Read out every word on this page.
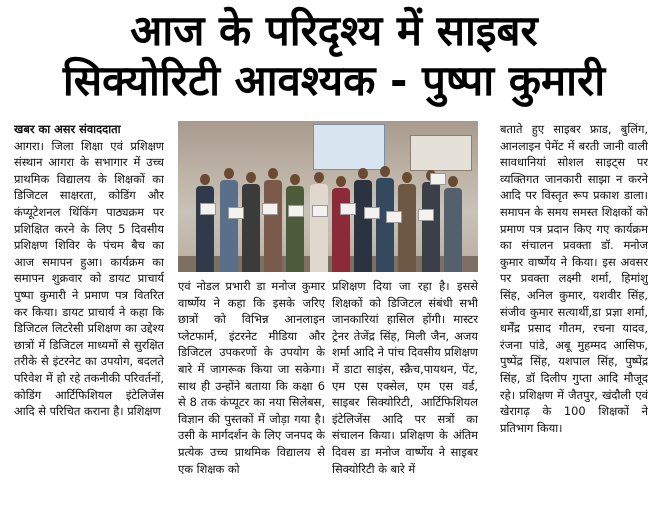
आज के परिदृश्य में साइबर
सिक्योरिटी आवश्यक - पुष्पा कुमारी

खबर का असर संवाददाता

आगरा। जिला शिक्षा एवं प्रशिक्षण संस्थान आगरा के सभागार में उच्च प्राथमिक विद्यालय के शिक्षकों का डिजिटल साक्षरता, कोडिंग और कंप्यूटेशनल थिंकिंग पाठ्यक्रम पर प्रशिक्षित करने के लिए 5 दिवसीय प्रशिक्षण शिविर के पंचम बैच का आज समापन हुआ। कार्यक्रम का समापन शुक्रवार को डायट प्राचार्य पुष्पा कुमारी ने प्रमाण पत्र वितरित कर किया। डायट प्राचार्य ने कहा कि डिजिटल लिटरेसी प्रशिक्षण का उद्देश्य छात्रों में डिजिटल माध्यमों से सुरक्षित तरीके से इंटरनेट का उपयोग, बदलते परिवेश में हो रहे तकनीकी परिवर्तनों, कोडिंग आर्टिफिशियल इंटेलिजेंस आदि से परिचित कराना है। प्रशिक्षण

एवं नोडल प्रभारी डा मनोज कुमार वार्ष्णेय ने कहा कि इसके जरिए छात्रों को विभिन्न आनलाइन प्लेटफार्म, इंटरनेट मीडिया और डिजिटल उपकरणों के उपयोग के बारे में जागरूक किया जा सकेगा। साथ ही उन्होंने बताया कि कक्षा 6 से 8 तक कंप्यूटर का नया सिलेबस, विज्ञान की पुस्तकों में जोड़ा गया है। उसी के मार्गदर्शन के लिए जनपद के प्रत्येक उच्च प्राथमिक विद्यालय से एक शिक्षक को

प्रशिक्षण दिया जा रहा है। इससे शिक्षकों को डिजिटल संबंधी सभी जानकारियां हासिल होंगी। मास्टर ट्रेनर तेजेंद्र सिंह, मिली जैन, अजय शर्मा आदि ने पांच दिवसीय प्रशिक्षण में डाटा साइंस, स्क्रैच,पायथन, पेंट, एम एस एक्सेल, एम एस वर्ड, साइबर सिक्योरिटी, आर्टिफिशियल इंटेलिजेंस आदि पर सत्रों का संचालन किया। प्रशिक्षण के अंतिम दिवस डा मनोज वार्ष्णेय ने साइबर सिक्योरिटी के बारे में

बताते हुए साइबर फ्राड, बुलिंग, आनलाइन पेमेंट में बरती जानी वाली सावधानियां सोशल साइट्स पर व्यक्तिगत जानकारी साझा न करने आदि पर विस्तृत रूप प्रकाश डाला। समापन के समय समस्त शिक्षकों को प्रमाण पत्र प्रदान किए गए कार्यक्रम का संचालन प्रवक्ता डॉ. मनोज कुमार वार्ष्णेय ने किया। इस अवसर पर प्रवक्ता लक्ष्मी शर्मा, हिमांशु सिंह, अनिल कुमार, यशवीर सिंह, संजीव कुमार सत्यार्थी,डा प्रज्ञा शर्मा, धर्मेंद्र प्रसाद गौतम, रचना यादव, रंजना पांडे, अबू मुहम्मद आसिफ, पुष्पेंद्र सिंह, यशपाल सिंह, पुष्पेंद्र सिंह, डॉ दिलीप गुप्ता आदि मौजूद रहे। प्रशिक्षण में जैतपुर, खंदौली एवं खेरागढ़ के 100 शिक्षकों ने प्रतिभाग किया।
